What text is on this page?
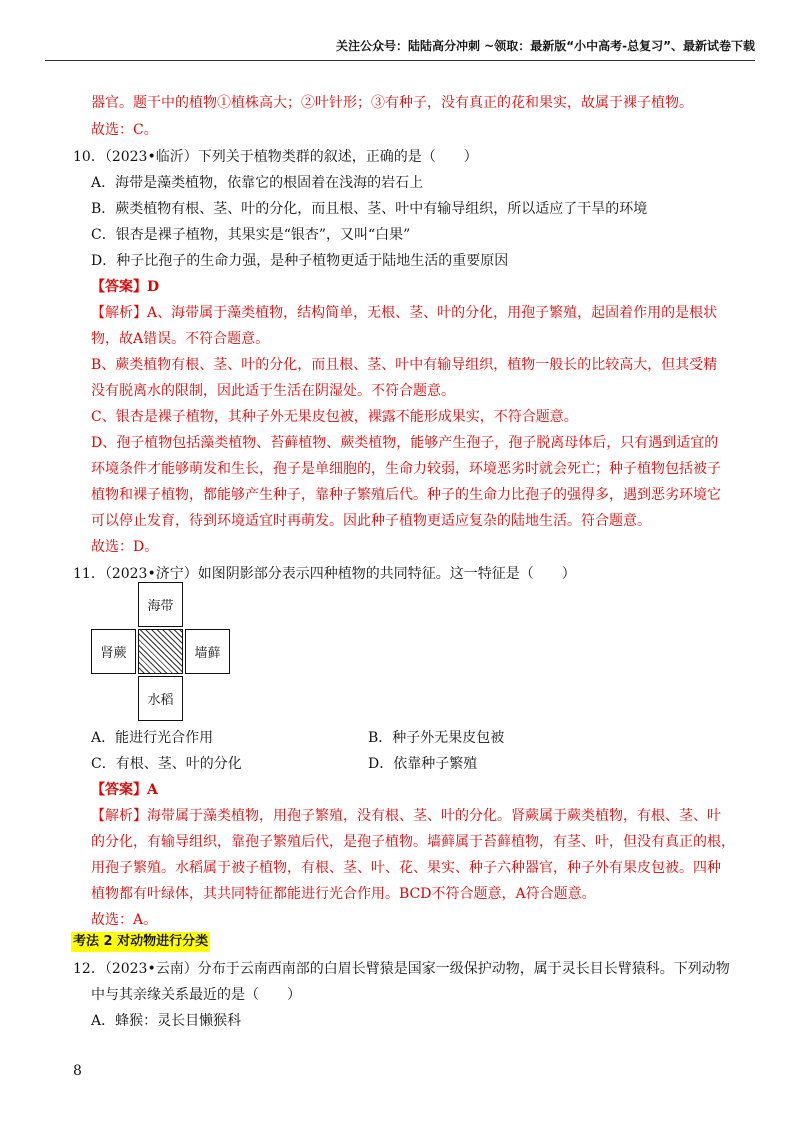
关注公众号：陆陆高分冲刺 ~领取：最新版“小中高考-总复习”、最新试卷下载
器官。题干中的植物①植株高大；②叶针形；③有种子，没有真正的花和果实，故属于裸子植物。
故选：C。
10．（2023•临沂）下列关于植物类群的叙述，正确的是（　　）
A．海带是藻类植物，依靠它的根固着在浅海的岩石上
B．蕨类植物有根、茎、叶的分化，而且根、茎、叶中有输导组织，所以适应了干旱的环境
C．银杏是裸子植物，其果实是“银杏”，又叫“白果”
D．种子比孢子的生命力强，是种子植物更适于陆地生活的重要原因
【答案】D
【解析】A、海带属于藻类植物，结构简单，无根、茎、叶的分化，用孢子繁殖，起固着作用的是根状
物，故A错误。不符合题意。
B、蕨类植物有根、茎、叶的分化，而且根、茎、叶中有输导组织，植物一般长的比较高大，但其受精
没有脱离水的限制，因此适于生活在阴湿处。不符合题意。
C、银杏是裸子植物，其种子外无果皮包被，裸露不能形成果实，不符合题意。
D、孢子植物包括藻类植物、苔藓植物、蕨类植物，能够产生孢子，孢子脱离母体后，只有遇到适宜的
环境条件才能够萌发和生长，孢子是单细胞的，生命力较弱，环境恶劣时就会死亡；种子植物包括被子
植物和裸子植物，都能够产生种子，靠种子繁殖后代。种子的生命力比孢子的强得多，遇到恶劣环境它
可以停止发育，待到环境适宜时再萌发。因此种子植物更适应复杂的陆地生活。符合题意。
故选：D。
11．（2023•济宁）如图阴影部分表示四种植物的共同特征。这一特征是（　　）
海带
肾蕨	墙藓
水稻
A．能进行光合作用	B．种子外无果皮包被
C．有根、茎、叶的分化	D．依靠种子繁殖
【答案】A
【解析】海带属于藻类植物，用孢子繁殖，没有根、茎、叶的分化。肾蕨属于蕨类植物，有根、茎、叶
的分化，有输导组织，靠孢子繁殖后代，是孢子植物。墙藓属于苔藓植物，有茎、叶，但没有真正的根，
用孢子繁殖。水稻属于被子植物，有根、茎、叶、花、果实、种子六种器官，种子外有果皮包被。四种
植物都有叶绿体，其共同特征都能进行光合作用。BCD不符合题意，A符合题意。
故选：A。
考法 2 对动物进行分类
12．（2023•云南）分布于云南西南部的白眉长臂猿是国家一级保护动物，属于灵长目长臂猿科。下列动物
中与其亲缘关系最近的是（　　）
A．蜂猴：灵长目懒猴科
8
